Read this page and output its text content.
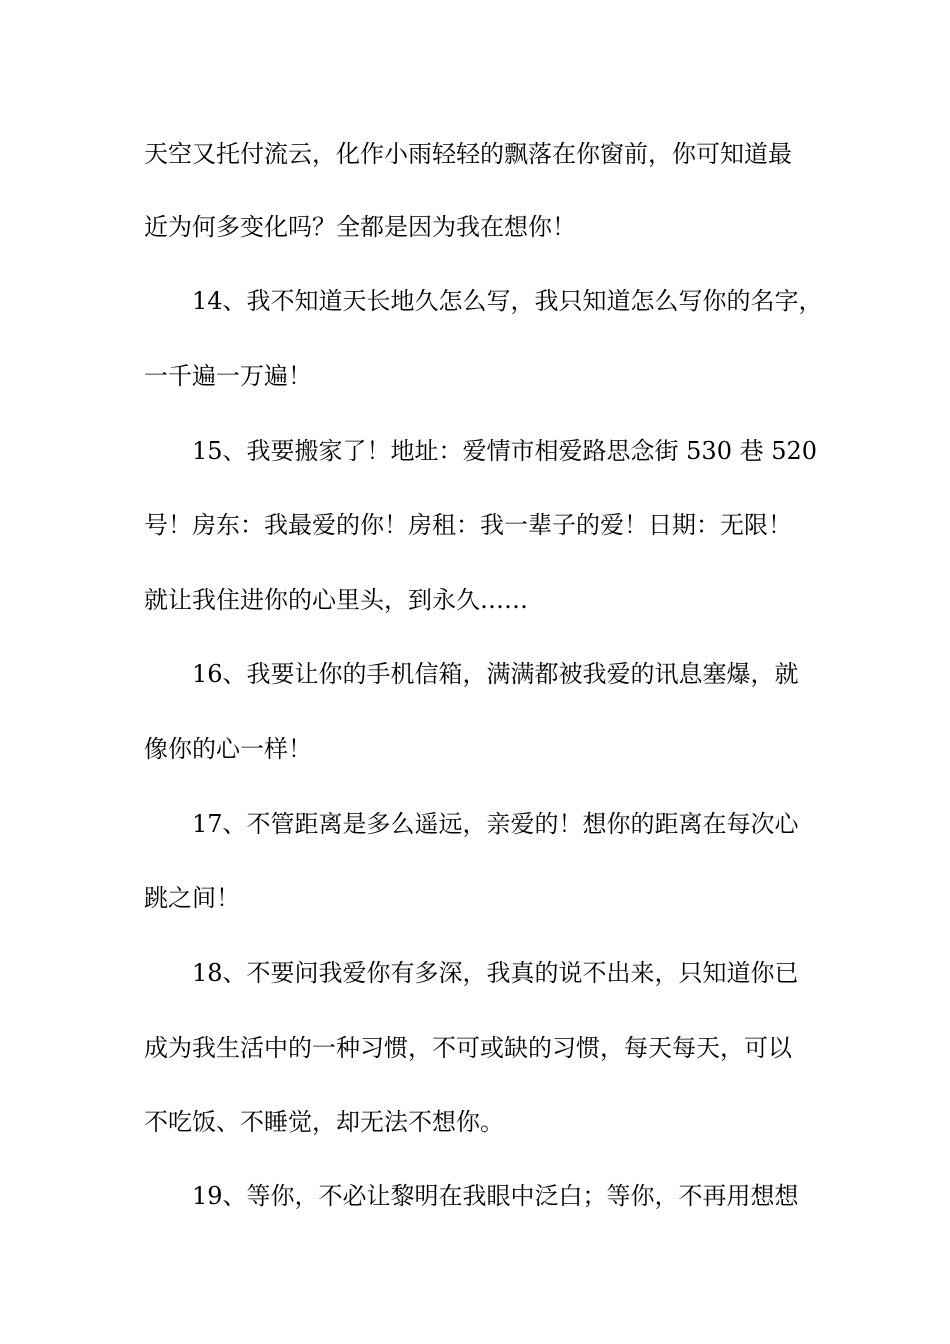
天空又托付流云，化作小雨轻轻的飘落在你窗前，你可知道最
近为何多变化吗？全都是因为我在想你！
14、我不知道天长地久怎么写，我只知道怎么写你的名字，
一千遍一万遍！
15、我要搬家了！地址：爱情市相爱路思念街 530 巷 520
号！房东：我最爱的你！房租：我一辈子的爱！日期：无限！
就让我住进你的心里头，到永久……
16、我要让你的手机信箱，满满都被我爱的讯息塞爆，就
像你的心一样！
17、不管距离是多么遥远，亲爱的！想你的距离在每次心
跳之间！
18、不要问我爱你有多深，我真的说不出来，只知道你已
成为我生活中的一种习惯，不可或缺的习惯，每天每天，可以
不吃饭、不睡觉，却无法不想你。
19、等你，不必让黎明在我眼中泛白；等你，不再用想想
